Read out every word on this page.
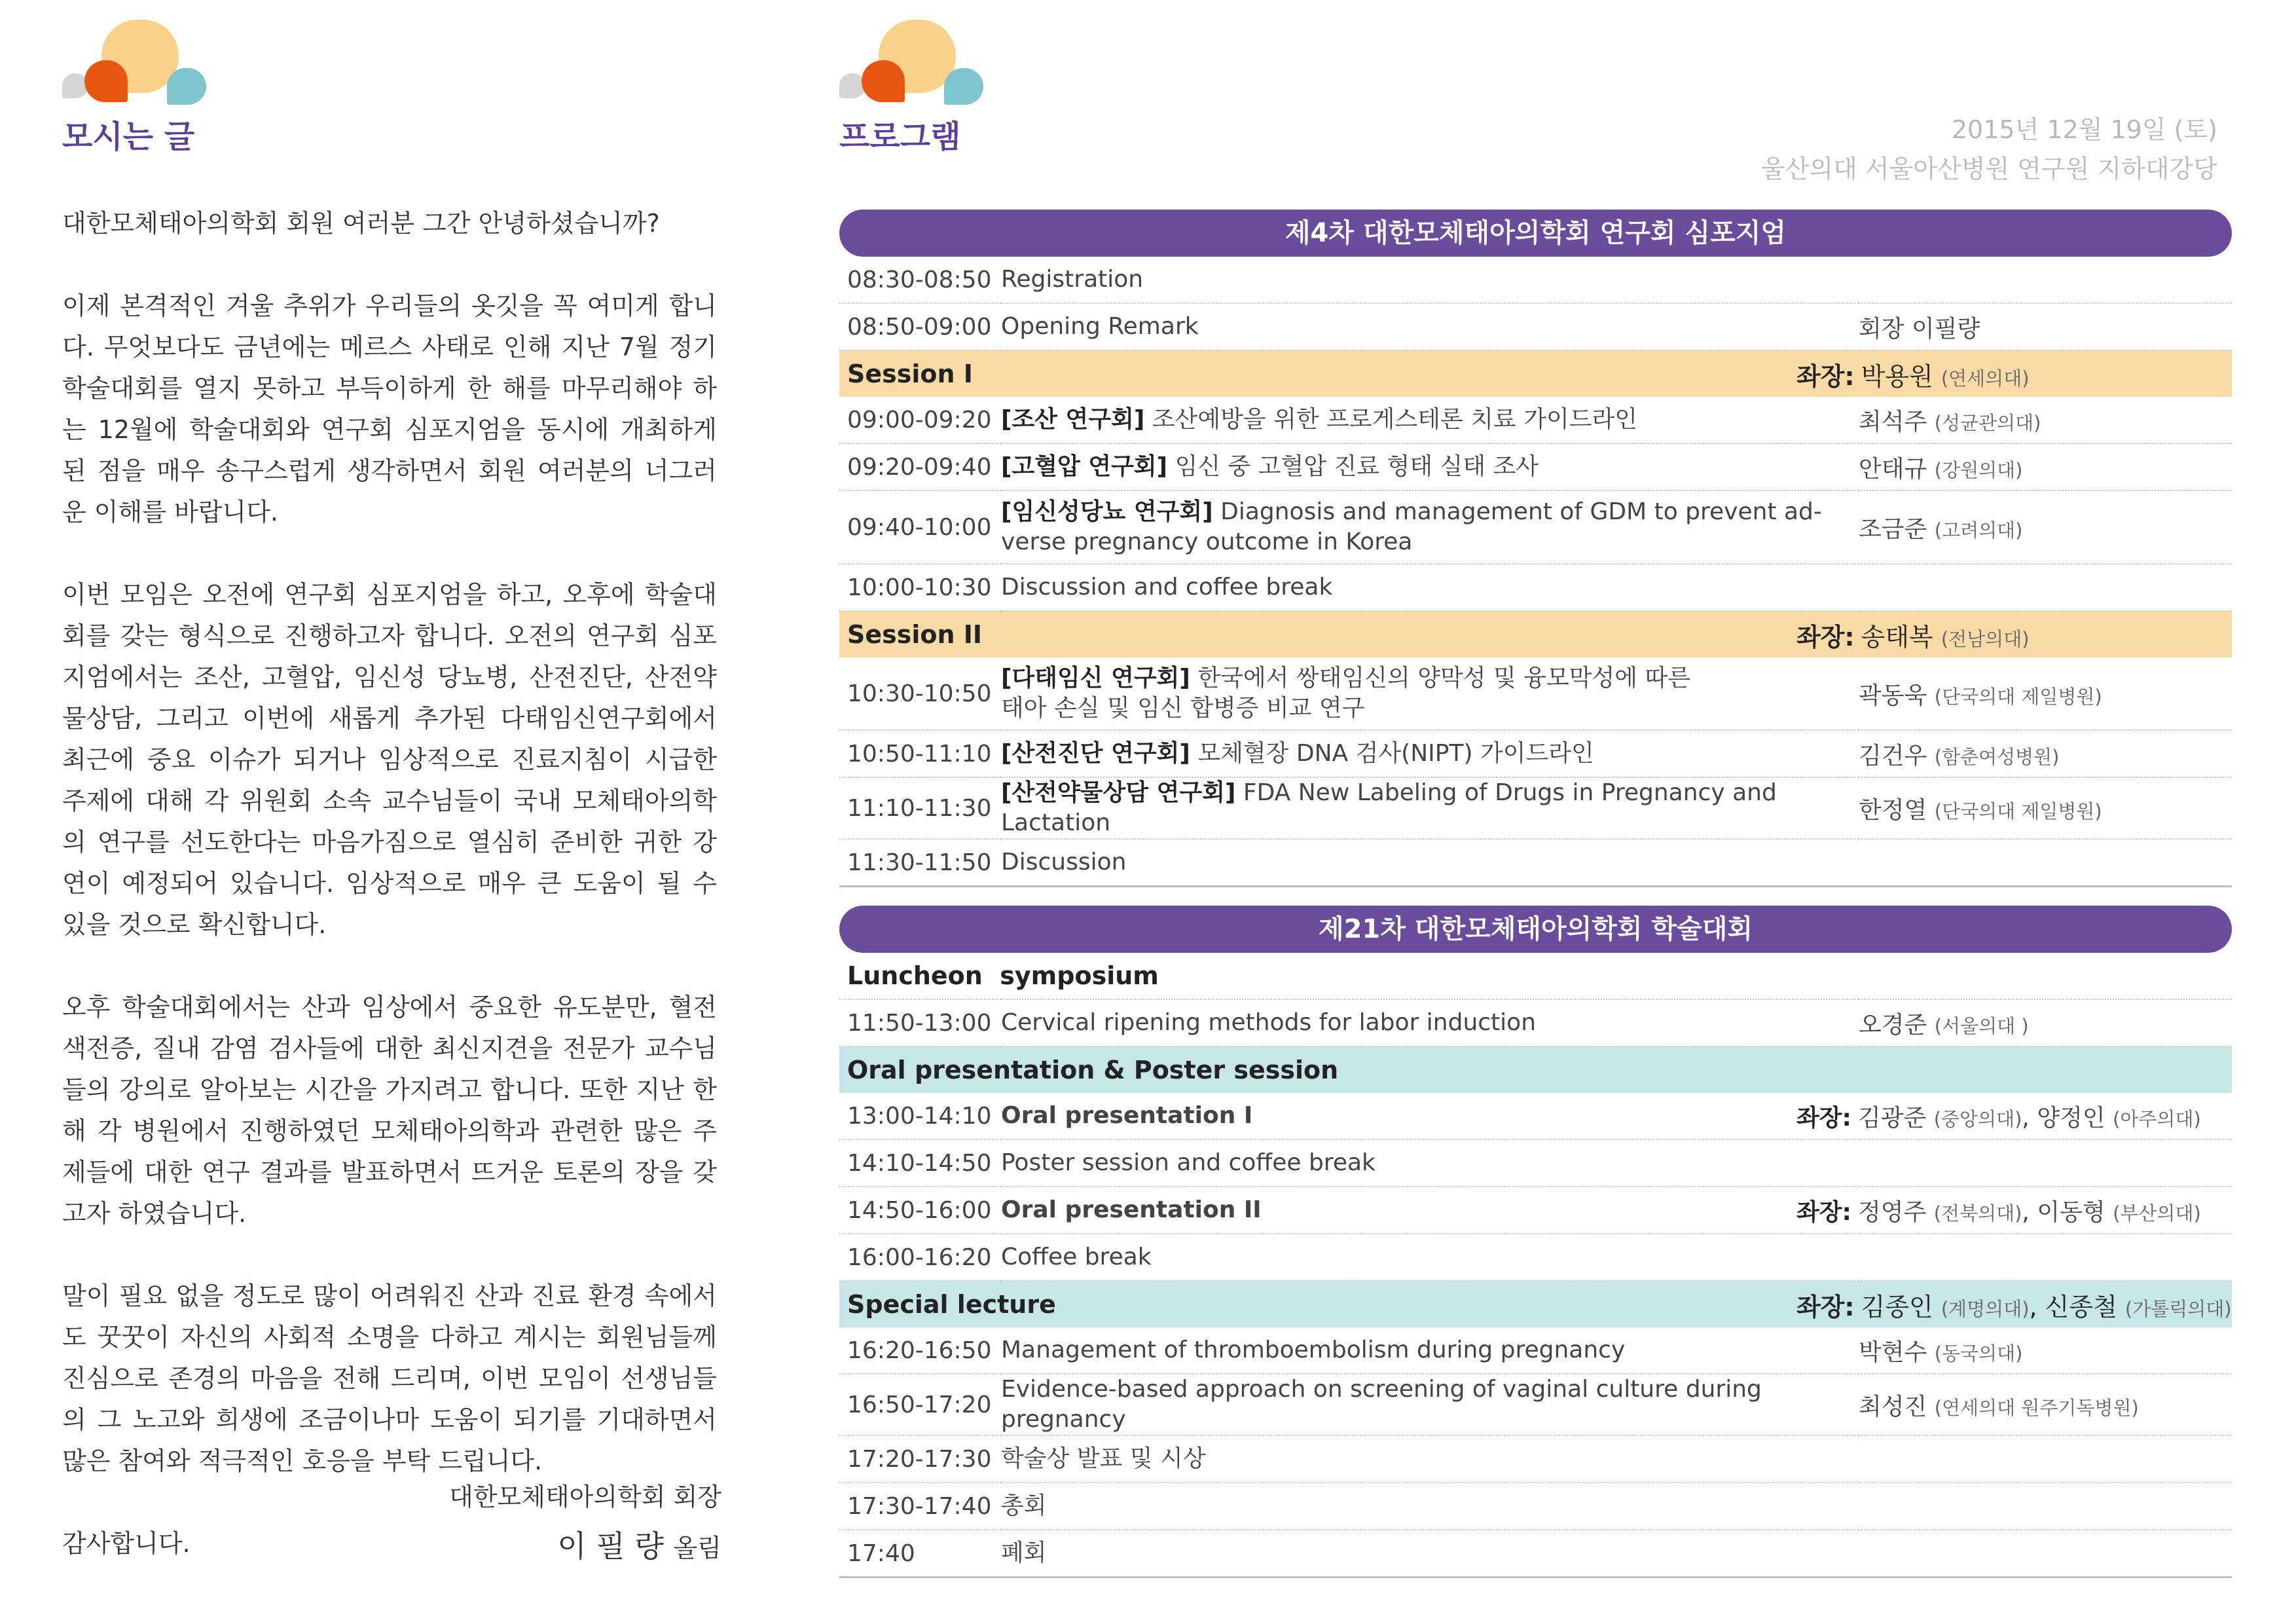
모시는 글

대한모체태아의학회 회원 여러분 그간 안녕하셨습니까?

이제 본격적인 겨울 추위가 우리들의 옷깃을 꼭 여미게 합니다. 무엇보다도 금년에는 메르스 사태로 인해 지난 7월 정기 학술대회를 열지 못하고 부득이하게 한 해를 마무리해야 하는 12월에 학술대회와 연구회 심포지엄을 동시에 개최하게 된 점을 매우 송구스럽게 생각하면서 회원 여러분의 너그러운 이해를 바랍니다.

이번 모임은 오전에 연구회 심포지엄을 하고, 오후에 학술대회를 갖는 형식으로 진행하고자 합니다. 오전의 연구회 심포지엄에서는 조산, 고혈압, 임신성 당뇨병, 산전진단, 산전약물상담, 그리고 이번에 새롭게 추가된 다태임신연구회에서 최근에 중요 이슈가 되거나 임상적으로 진료지침이 시급한 주제에 대해 각 위원회 소속 교수님들이 국내 모체태아의학의 연구를 선도한다는 마음가짐으로 열심히 준비한 귀한 강연이 예정되어 있습니다. 임상적으로 매우 큰 도움이 될 수 있을 것으로 확신합니다.

오후 학술대회에서는 산과 임상에서 중요한 유도분만, 혈전색전증, 질내 감염 검사들에 대한 최신지견을 전문가 교수님들의 강의로 알아보는 시간을 가지려고 합니다. 또한 지난 한해 각 병원에서 진행하였던 모체태아의학과 관련한 많은 주제들에 대한 연구 결과를 발표하면서 뜨거운 토론의 장을 갖고자 하였습니다.

말이 필요 없을 정도로 많이 어려워진 산과 진료 환경 속에서도 꿋꿋이 자신의 사회적 소명을 다하고 계시는 회원님들께 진심으로 존경의 마음을 전해 드리며, 이번 모임이 선생님들의 그 노고와 희생에 조금이나마 도움이 되기를 기대하면서 많은 참여와 적극적인 호응을 부탁 드립니다.

감사합니다.

대한모체태아의학회 회장
이 필 량 올림
프로그램	2015년 12월 19일 (토)
울산의대 서울아산병원 연구원 지하대강당
제4차 대한모체태아의학회 연구회 심포지엄
08:30-08:50	Registration	
08:50-09:00	Opening Remark	회장 이필량
Session I		좌장: 박용원 (연세의대)
09:00-09:20	[조산 연구회] 조산예방을 위한 프로게스테론 치료 가이드라인	최석주 (성균관의대)
09:20-09:40	[고혈압 연구회] 임신 중 고혈압 진료 형태 실태 조사	안태규 (강원의대)
09:40-10:00	[임신성당뇨 연구회] Diagnosis and management of GDM to prevent ad-
verse pregnancy outcome in Korea	조금준 (고려의대)
10:00-10:30	Discussion and coffee break	
Session II		좌장: 송태복 (전남의대)
10:30-10:50	[다태임신 연구회] 한국에서 쌍태임신의 양막성 및 융모막성에 따른
태아 손실 및 임신 합병증 비교 연구	곽동욱 (단국의대 제일병원)
10:50-11:10	[산전진단 연구회] 모체혈장 DNA 검사(NIPT) 가이드라인	김건우 (함춘여성병원)
11:10-11:30	[산전약물상담 연구회] FDA New Labeling of Drugs in Pregnancy and Lactation	한정열 (단국의대 제일병원)
11:30-11:50	Discussion	
제21차 대한모체태아의학회 학술대회
Luncheon  symposium		
11:50-13:00	Cervical ripening methods for labor induction	오경준 (서울의대 )
Oral presentation & Poster session		
13:00-14:10	Oral presentation I	좌장: 김광준 (중앙의대), 양정인 (아주의대)
14:10-14:50	Poster session and coffee break	
14:50-16:00	Oral presentation II	좌장: 정영주 (전북의대), 이동형 (부산의대)
16:00-16:20	Coffee break	
Special lecture		좌장: 김종인 (계명의대), 신종철 (가톨릭의대)
16:20-16:50	Management of thromboembolism during pregnancy	박현수 (동국의대)
16:50-17:20	Evidence-based approach on screening of vaginal culture during pregnancy	최성진 (연세의대 원주기독병원)
17:20-17:30	학술상 발표 및 시상	
17:30-17:40	총회	
17:40	폐회	
